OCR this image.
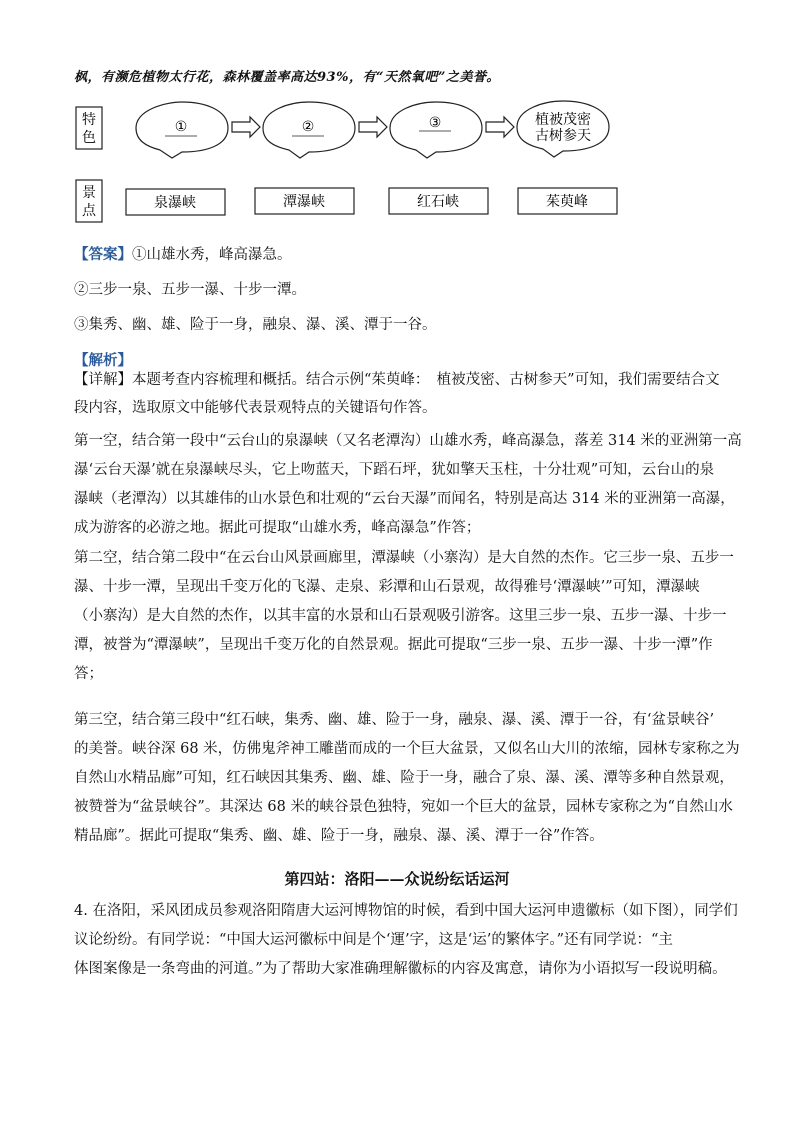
枫，有濒危植物太行花，森林覆盖率高达93%，有“天然氧吧”之美誉。
特
色
①	②	③	植被茂密
古树参天
景
点	泉瀑峡	潭瀑峡	红石峡	茱萸峰
【答案】①山雄水秀，峰高瀑急。
②三步一泉、五步一瀑、十步一潭。
③集秀、幽、雄、险于一身，融泉、瀑、溪、潭于一谷。
【解析】
【详解】本题考查内容梳理和概括。结合示例“茱萸峰：　植被茂密、古树参天”可知，我们需要结合文
段内容，选取原文中能够代表景观特点的关键语句作答。
第一空，结合第一段中“云台山的泉瀑峡（又名老潭沟）山雄水秀，峰高瀑急，落差 314 米的亚洲第一高
瀑‘云台天瀑’就在泉瀑峡尽头，它上吻蓝天，下蹈石坪，犹如擎天玉柱，十分壮观”可知，云台山的泉
瀑峡（老潭沟）以其雄伟的山水景色和壮观的“云台天瀑”而闻名，特别是高达 314 米的亚洲第一高瀑，
成为游客的必游之地。据此可提取“山雄水秀，峰高瀑急”作答；
第二空，结合第二段中“在云台山风景画廊里，潭瀑峡（小寨沟）是大自然的杰作。它三步一泉、五步一
瀑、十步一潭，呈现出千变万化的飞瀑、走泉、彩潭和山石景观，故得雅号‘潭瀑峡’”可知，潭瀑峡
（小寨沟）是大自然的杰作，以其丰富的水景和山石景观吸引游客。这里三步一泉、五步一瀑、十步一
潭，被誉为“潭瀑峡”，呈现出千变万化的自然景观。据此可提取“三步一泉、五步一瀑、十步一潭”作
答；
第三空，结合第三段中“红石峡，集秀、幽、雄、险于一身，融泉、瀑、溪、潭于一谷，有‘盆景峡谷’
的美誉。峡谷深 68 米，仿佛鬼斧神工雕凿而成的一个巨大盆景，又似名山大川的浓缩，园林专家称之为
自然山水精品廊”可知，红石峡因其集秀、幽、雄、险于一身，融合了泉、瀑、溪、潭等多种自然景观，
被赞誉为“盆景峡谷”。其深达 68 米的峡谷景色独特，宛如一个巨大的盆景，园林专家称之为“自然山水
精品廊”。据此可提取“集秀、幽、雄、险于一身，融泉、瀑、溪、潭于一谷”作答。
第四站：洛阳——众说纷纭话运河
4. 在洛阳，采风团成员参观洛阳隋唐大运河博物馆的时候，看到中国大运河申遗徽标（如下图），同学们
议论纷纷。有同学说：“中国大运河徽标中间是个‘運’字，这是‘运’的繁体字。”还有同学说：“主
体图案像是一条弯曲的河道。”为了帮助大家准确理解徽标的内容及寓意，请你为小语拟写一段说明稿。
